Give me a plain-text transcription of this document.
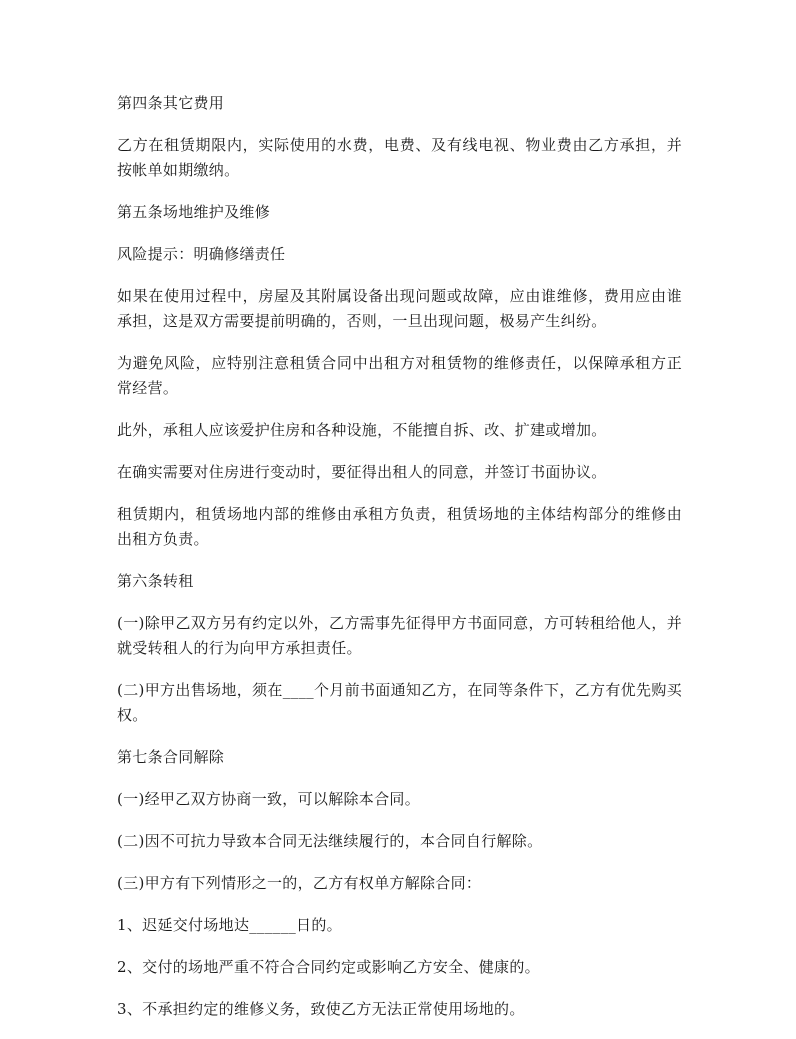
第四条其它费用

乙方在租赁期限内，实际使用的水费，电费、及有线电视、物业费由乙方承担，并按帐单如期缴纳。

第五条场地维护及维修

风险提示：明确修缮责任

如果在使用过程中，房屋及其附属设备出现问题或故障，应由谁维修，费用应由谁承担，这是双方需要提前明确的，否则，一旦出现问题，极易产生纠纷。

为避免风险，应特别注意租赁合同中出租方对租赁物的维修责任，以保障承租方正常经营。

此外，承租人应该爱护住房和各种设施，不能擅自拆、改、扩建或增加。

在确实需要对住房进行变动时，要征得出租人的同意，并签订书面协议。

租赁期内，租赁场地内部的维修由承租方负责，租赁场地的主体结构部分的维修由出租方负责。

第六条转租

(一)除甲乙双方另有约定以外，乙方需事先征得甲方书面同意，方可转租给他人，并就受转租人的行为向甲方承担责任。

(二)甲方出售场地，须在____个月前书面通知乙方，在同等条件下，乙方有优先购买权。

第七条合同解除

(一)经甲乙双方协商一致，可以解除本合同。

(二)因不可抗力导致本合同无法继续履行的，本合同自行解除。

(三)甲方有下列情形之一的，乙方有权单方解除合同：

1、迟延交付场地达______日的。

2、交付的场地严重不符合合同约定或影响乙方安全、健康的。

3、不承担约定的维修义务，致使乙方无法正常使用场地的。
